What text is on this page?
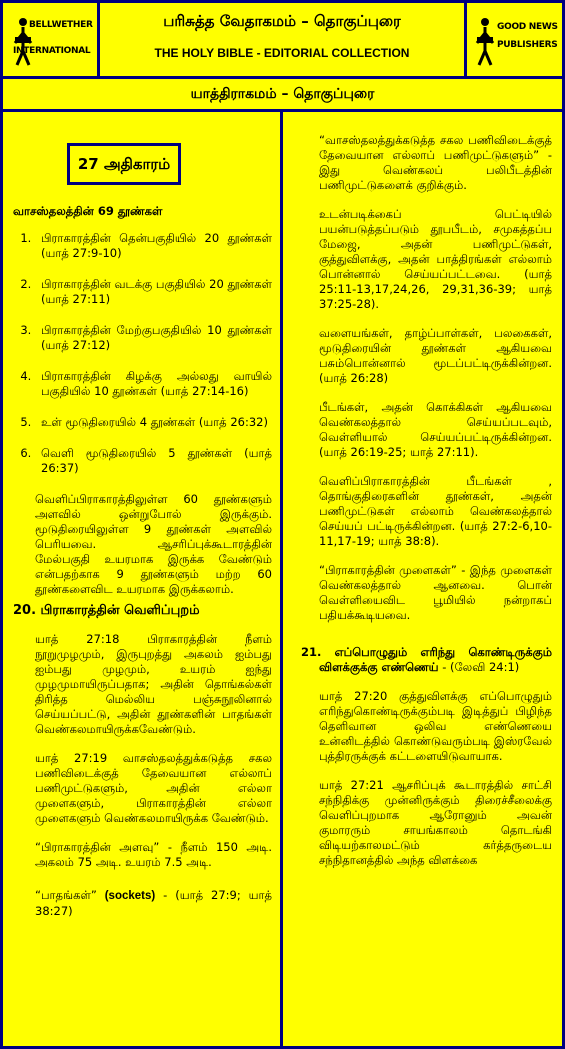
BELLWETHER
INTERNATIONAL
பரிசுத்த வேதாகமம் – தொகுப்புரை
THE HOLY BIBLE - EDITORIAL COLLECTION
GOOD NEWS
PUBLISHERS
யாத்திராகமம் – தொகுப்புரை
27 அதிகாரம்
வாசஸ்தலத்தின் 69 தூண்கள்
1. பிராகாரத்தின் தென்பகுதியில் 20 தூண்கள் (யாத் 27:9-10)
2. பிராகாரத்தின் வடக்கு பகுதியில் 20 தூண்கள் (யாத் 27:11)
3. பிராகாரத்தின் மேற்குபகுதியில் 10 தூண்கள் (யாத் 27:12)
4. பிராகாரத்தின் கிழக்கு அல்லது வாயில் பகுதியில் 10 தூண்கள் (யாத் 27:14-16)
5. உள் மூடுதிரையில் 4 தூண்கள் (யாத் 26:32)
6. வெளி மூடுதிரையில் 5 தூண்கள் (யாத் 26:37)

வெளிப்பிராகாரத்திலுள்ள 60 தூண்களும் அளவில் ஒன்றுபோல் இருக்கும். மூடுதிரையிலுள்ள 9 தூண்கள் அளவில் பெரியவை. ஆசரிப்புக்கூடாரத்தின் மேல்பகுதி உயரமாக இருக்க வேண்டும் என்பதற்காக 9 தூண்களும் மற்ற 60 தூண்களைவிட உயரமாக இருக்கலாம்.

20. பிராகாரத்தின் வெளிப்புறம்

யாத் 27:18 பிராகாரத்தின் நீளம் நூறுமுழமும், இருபுறத்து அகலம் ஐம்பது ஐம்பது முழமும், உயரம் ஐந்து முழமுமாயிருப்பதாக; அதின் தொங்கல்கள் திரித்த மெல்லிய பஞ்சுநூலினால் செய்யப்பட்டு, அதின் தூண்களின் பாதங்கள் வெண்கலமாயிருக்கவேண்டும்.

யாத் 27:19 வாசஸ்தலத்துக்கடுத்த சகல பணிவிடைக்குத் தேவையான எல்லாப் பணிமுட்டுகளும், அதின் எல்லா முளைகளும், பிராகாரத்தின் எல்லா முளைகளும் வெண்கலமாயிருக்க வேண்டும்.

“பிராகாரத்தின் அளவு” - நீளம் 150 அடி. அகலம் 75 அடி. உயரம் 7.5 அடி.

“பாதங்கள்” (sockets) - (யாத் 27:9; யாத் 38:27)

“வாசஸ்தலத்துக்கடுத்த சகல பணிவிடைக்குத் தேவையான எல்லாப் பணிமுட்டுகளும்” - இது வெண்கலப் பலிபீடத்தின் பணிமுட்டுகளைக் குறிக்கும்.

உடன்படிக்கைப் பெட்டியில் பயன்படுத்தப்படும் தூபபீடம், சமுகத்தப்ப மேஜை, அதன் பணிமுட்டுகள், குத்துவிளக்கு, அதன் பாத்திரங்கள் எல்லாம் பொன்னால் செய்யப்பட்டவை. (யாத் 25:11-13,17,24,26, 29,31,36-39; யாத் 37:25-28).

வளையங்கள், தாழ்ப்பாள்கள், பலகைகள், மூடுதிரையின் தூண்கள் ஆகியவை பசும்பொன்னால் மூடப்பட்டிருக்கின்றன. (யாத் 26:28)

பீடங்கள், அதன் கொக்கிகள் ஆகியவை வெண்கலத்தால் செய்யப்படவும், வெள்ளியால் செய்யப்பட்டிருக்கின்றன. (யாத் 26:19-25; யாத் 27:11).

வெளிப்பிராகாரத்தின் பீடங்கள் , தொங்குதிரைகளின் தூண்கள், அதன் பணிமுட்டுகள் எல்லாம் வெண்கலத்தால் செய்யப் பட்டிருக்கின்றன. (யாத் 27:2-6,10-11,17-19; யாத் 38:8).

“பிராகாரத்தின் முளைகள்” - இந்த முளைகள் வெண்கலத்தால் ஆனவை. பொன் வெள்ளியைவிட பூமியில் நன்றாகப் பதியக்கூடியவை.

21. எப்பொழுதும் எரிந்து கொண்டிருக்கும் விளக்குக்கு எண்ணெய் - (லேவி 24:1)

யாத் 27:20 குத்துவிளக்கு எப்பொழுதும் எரிந்துகொண்டிருக்கும்படி இடித்துப் பிழிந்த தெளிவான ஒலிவ எண்ணெயை உன்னிடத்தில் கொண்டுவரும்படி இஸ்ரவேல் புத்திரருக்குக் கட்டளையிடுவாயாக.

யாத் 27:21 ஆசரிப்புக் கூடாரத்தில் சாட்சி சந்நிதிக்கு முன்னிருக்கும் திரைச்சீலைக்கு வெளிப்புறமாக ஆரோனும் அவன் குமாரரும் சாயங்காலம் தொடங்கி விடியற்காலமட்டும் கர்த்தருடைய சந்நிதானத்தில் அந்த விளக்கை
